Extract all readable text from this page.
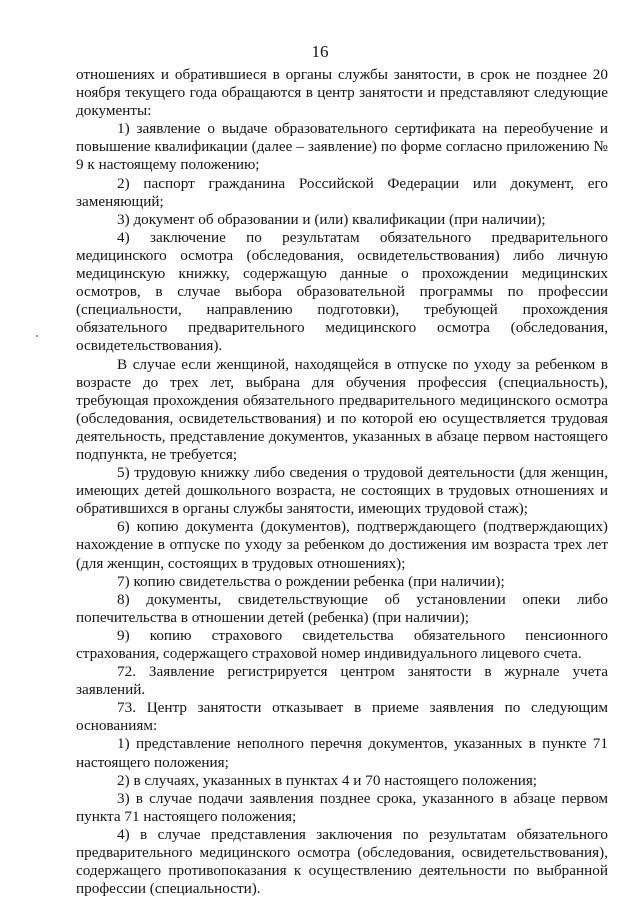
16

отношениях и обратившиеся в органы службы занятости, в срок не позднее 20 ноября текущего года обращаются в центр занятости и представляют следующие документы:

1) заявление о выдаче образовательного сертификата на переобучение и повышение квалификации (далее – заявление) по форме согласно приложению № 9 к настоящему положению;

2) паспорт гражданина Российской Федерации или документ, его заменяющий;

3) документ об образовании и (или) квалификации (при наличии);

4) заключение по результатам обязательного предварительного медицинского осмотра (обследования, освидетельствования) либо личную медицинскую книжку, содержащую данные о прохождении медицинских осмотров, в случае выбора образовательной программы по профессии (специальности, направлению подготовки), требующей прохождения обязательного предварительного медицинского осмотра (обследования, освидетельствования).

В случае если женщиной, находящейся в отпуске по уходу за ребенком в возрасте до трех лет, выбрана для обучения профессия (специальность), требующая прохождения обязательного предварительного медицинского осмотра (обследования, освидетельствования) и по которой ею осуществляется трудовая деятельность, представление документов, указанных в абзаце первом настоящего подпункта, не требуется;

5) трудовую книжку либо сведения о трудовой деятельности (для женщин, имеющих детей дошкольного возраста, не состоящих в трудовых отношениях и обратившихся в органы службы занятости, имеющих трудовой стаж);

6) копию документа (документов), подтверждающего (подтверждающих) нахождение в отпуске по уходу за ребенком до достижения им возраста трех лет (для женщин, состоящих в трудовых отношениях);

7) копию свидетельства о рождении ребенка (при наличии);

8) документы, свидетельствующие об установлении опеки либо попечительства в отношении детей (ребенка) (при наличии);

9) копию страхового свидетельства обязательного пенсионного страхования, содержащего страховой номер индивидуального лицевого счета.

72. Заявление регистрируется центром занятости в журнале учета заявлений.

73. Центр занятости отказывает в приеме заявления по следующим основаниям:

1) представление неполного перечня документов, указанных в пункте 71 настоящего положения;

2) в случаях, указанных в пунктах 4 и 70 настоящего положения;

3) в случае подачи заявления позднее срока, указанного в абзаце первом пункта 71 настоящего положения;

4) в случае представления заключения по результатам обязательного предварительного медицинского осмотра (обследования, освидетельствования), содержащего противопоказания к осуществлению деятельности по выбранной профессии (специальности).
